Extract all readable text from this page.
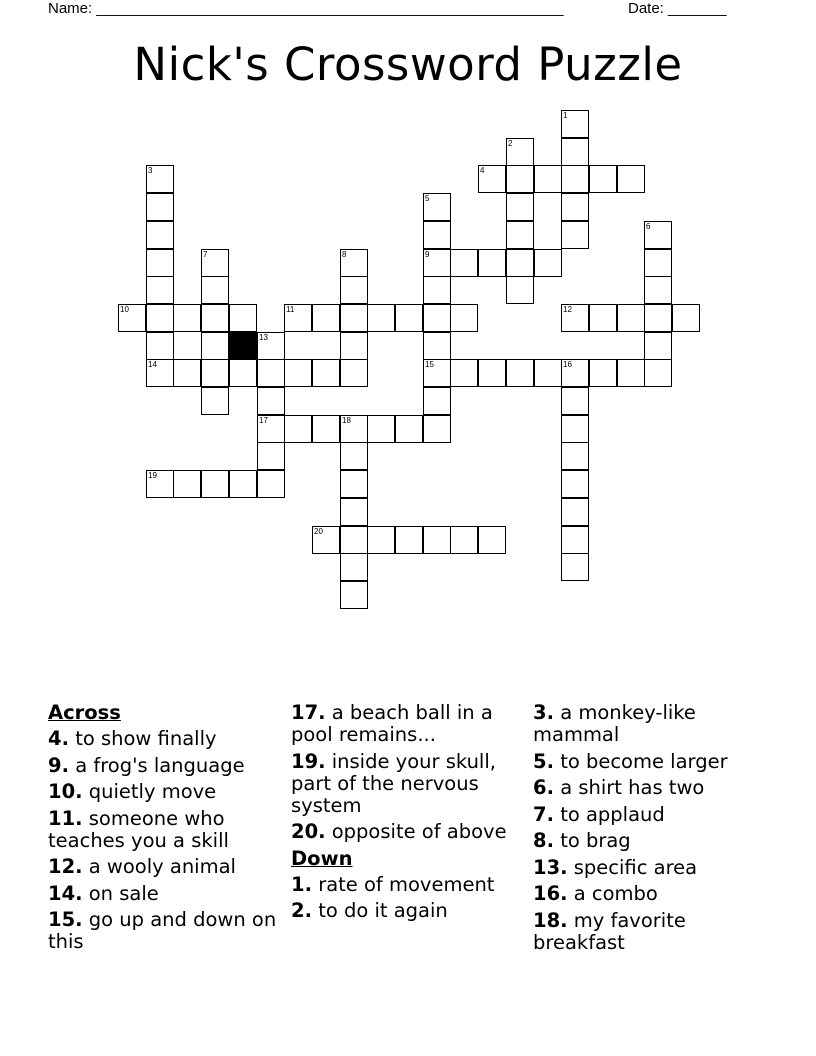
Name: ________________________________________________________	Date: _______
Nick's Crossword Puzzle
1
2
3
5
9
15
6
7	8
13
17
16
18
4
10	11	12
14
19
20
Across
4. to show finally
9. a frog's language
10. quietly move
11. someone who teaches you a skill
12. a wooly animal
14. on sale
15. go up and down on this
17. a beach ball in a pool remains...
19. inside your skull, part of the nervous system
20. opposite of above
Down
1. rate of movement
2. to do it again
3. a monkey-like mammal
5. to become larger
6. a shirt has two
7. to applaud
8. to brag
13. specific area
16. a combo
18. my favorite breakfast
